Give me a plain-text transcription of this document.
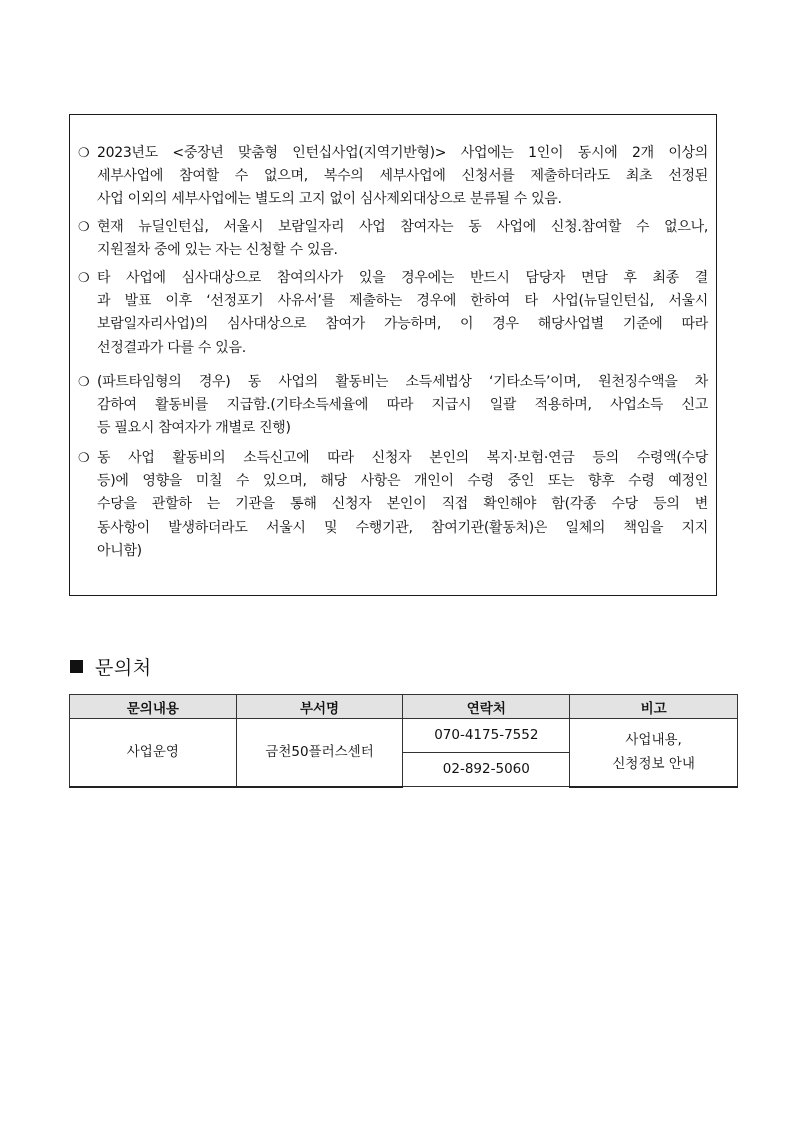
❍ 2023년도 <중장년 맞춤형 인턴십사업(지역기반형)> 사업에는 1인이 동시에 2개 이상의
세부사업에 참여할 수 없으며, 복수의 세부사업에 신청서를 제출하더라도 최초 선정된
사업 이외의 세부사업에는 별도의 고지 없이 심사제외대상으로 분류될 수 있음.
❍ 현재 뉴딜인턴십, 서울시 보람일자리 사업 참여자는 동 사업에 신청.참여할 수 없으나,
지원절차 중에 있는 자는 신청할 수 있음.
❍ 타 사업에 심사대상으로 참여의사가 있을 경우에는 반드시 담당자 면담 후 최종 결
과 발표 이후 ‘선정포기 사유서’를 제출하는 경우에 한하여 타 사업(뉴딜인턴십, 서울시
보람일자리사업)의 심사대상으로 참여가 가능하며, 이 경우 해당사업별 기준에 따라
선정결과가 다를 수 있음.
❍ (파트타임형의 경우) 동 사업의 활동비는 소득세법상 ‘기타소득’이며, 원천징수액을 차
감하여 활동비를 지급함.(기타소득세율에 따라 지급시 일괄 적용하며, 사업소득 신고
등 필요시 참여자가 개별로 진행)
❍ 동 사업 활동비의 소득신고에 따라 신청자 본인의 복지·보험·연금 등의 수령액(수당
등)에 영향을 미칠 수 있으며, 해당 사항은 개인이 수령 중인 또는 향후 수령 예정인
수당을 관할하 는 기관을 통해 신청자 본인이 직접 확인해야 함(각종 수당 등의 변
동사항이 발생하더라도 서울시 및 수행기관, 참여기관(활동처)은 일체의 책임을 지지
아니함)
문의처
문의내용	부서명	연락처	비고
사업운영	금천50플러스센터	070-4175-7552	사업내용,
신청정보 안내

		02-892-5060	
